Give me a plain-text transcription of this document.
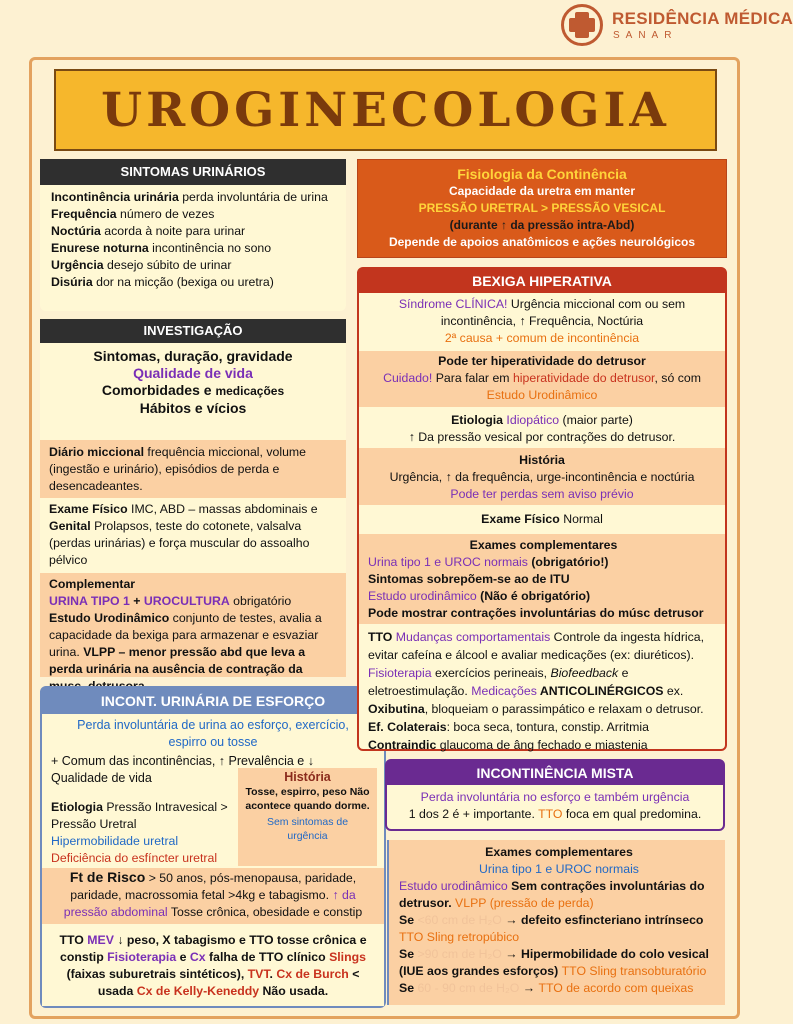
RESIDÊNCIA MÉDICA
SANAR
UROGINECOLOGIA
SINTOMAS URINÁRIOS
Incontinência urinária perda involuntária de urina
Frequência número de vezes
Noctúria acorda à noite para urinar
Enurese noturna incontinência no sono
Urgência desejo súbito de urinar
Disúria dor na micção (bexiga ou uretra)
INVESTIGAÇÃO
Sintomas, duração, gravidade
Qualidade de vida
Comorbidades e medicações
Hábitos e vícios
Diário miccional frequência miccional, volume (ingestão e urinário), episódios de perda e desencadeantes.
Exame Físico IMC, ABD – massas abdominais e Genital Prolapsos, teste do cotonete, valsalva (perdas urinárias) e força muscular do assoalho pélvico
Complementar
URINA TIPO 1 + UROCULTURA obrigatório
Estudo Urodinâmico conjunto de testes, avalia a capacidade da bexiga para armazenar e esvaziar urina. VLPP – menor pressão abd que leva a perda urinária na ausência de contração da
INCONT. URINÁRIA DE ESFORÇO
Perda involuntária de urina ao esforço, exercício, espirro ou tosse
+ Comum das incontinências, ↑ Prevalência e ↓ Qualidade de vida
Etiologia Pressão Intravesical > Pressão Uretral
Hipermobilidade uretral
Deficiência do esfíncter uretral
História
Tosse, espirro, peso Não acontece quando dorme.
Sem sintomas de urgência
Ft de Risco > 50 anos, pós-menopausa, paridade, paridade, macrossomia fetal >4kg e tabagismo. ↑ da pressão abdominal Tosse crônica, obesidade e constip
TTO MEV ↓ peso, X tabagismo e TTO tosse crônica e constip Fisioterapia e Cx falha de TTO clínico Slings (faixas suburetrais sintéticos), TVT. Cx de Burch < usada Cx de Kelly-Keneddy Não usada.
Fisiologia da Continência
Capacidade da uretra em manter
PRESSÃO URETRAL > PRESSÃO VESICAL
(durante ↑ da pressão intra-Abd)
Depende de apoios anatômicos e ações neurológicos
BEXIGA HIPERATIVA
Síndrome CLÍNICA! Urgência miccional com ou sem incontinência, ↑ Frequência, Noctúria
2ª causa + comum de incontinência
Pode ter hiperatividade do detrusor
Cuidado! Para falar em hiperatividade do detrusor, só com Estudo Urodinâmico
Etiologia Idiopático (maior parte)
↑ Da pressão vesical por contrações do detrusor.
História
Urgência, ↑ da frequência, urge-incontinência e noctúria
Pode ter perdas sem aviso prévio
Exame Físico Normal
Exames complementares
Urina tipo 1 e UROC normais (obrigatório!)
Sintomas sobrepõem-se ao de ITU
Estudo urodinâmico (Não é obrigatório)
Pode mostrar contrações involuntárias do músc detrusor
TTO Mudanças comportamentais Controle da ingesta hídrica, evitar cafeína e álcool e avaliar medicações (ex: diuréticos). Fisioterapia exercícios perineais, Biofeedback e eletroestimulação. Medicações ANTICOLINÉRGICOS ex. Oxibutina, bloqueiam o parassimpático e relaxam o detrusor. Ef. Colaterais: boca seca, tontura, constip. Arritmia Contraindic glaucoma de âng fechado e miastenia
INCONTINÊNCIA MISTA
Perda involuntária no esforço e também urgência
1 dos 2 é + importante. TTO foca em qual predomina.
Exames complementares
Urina tipo 1 e UROC normais
Estudo urodinâmico Sem contrações involuntárias do detrusor. VLPP (pressão de perda)
Se <60 cm de H₂O → defeito esfincteriano intrínseco
TTO Sling retropúbico
Se >90 cm de H₂O → Hipermobilidade do colo vesical (IUE aos grandes esforços) TTO Sling transobturatório
Se 60 - 90 cm de H₂O → TTO de acordo com queixas
